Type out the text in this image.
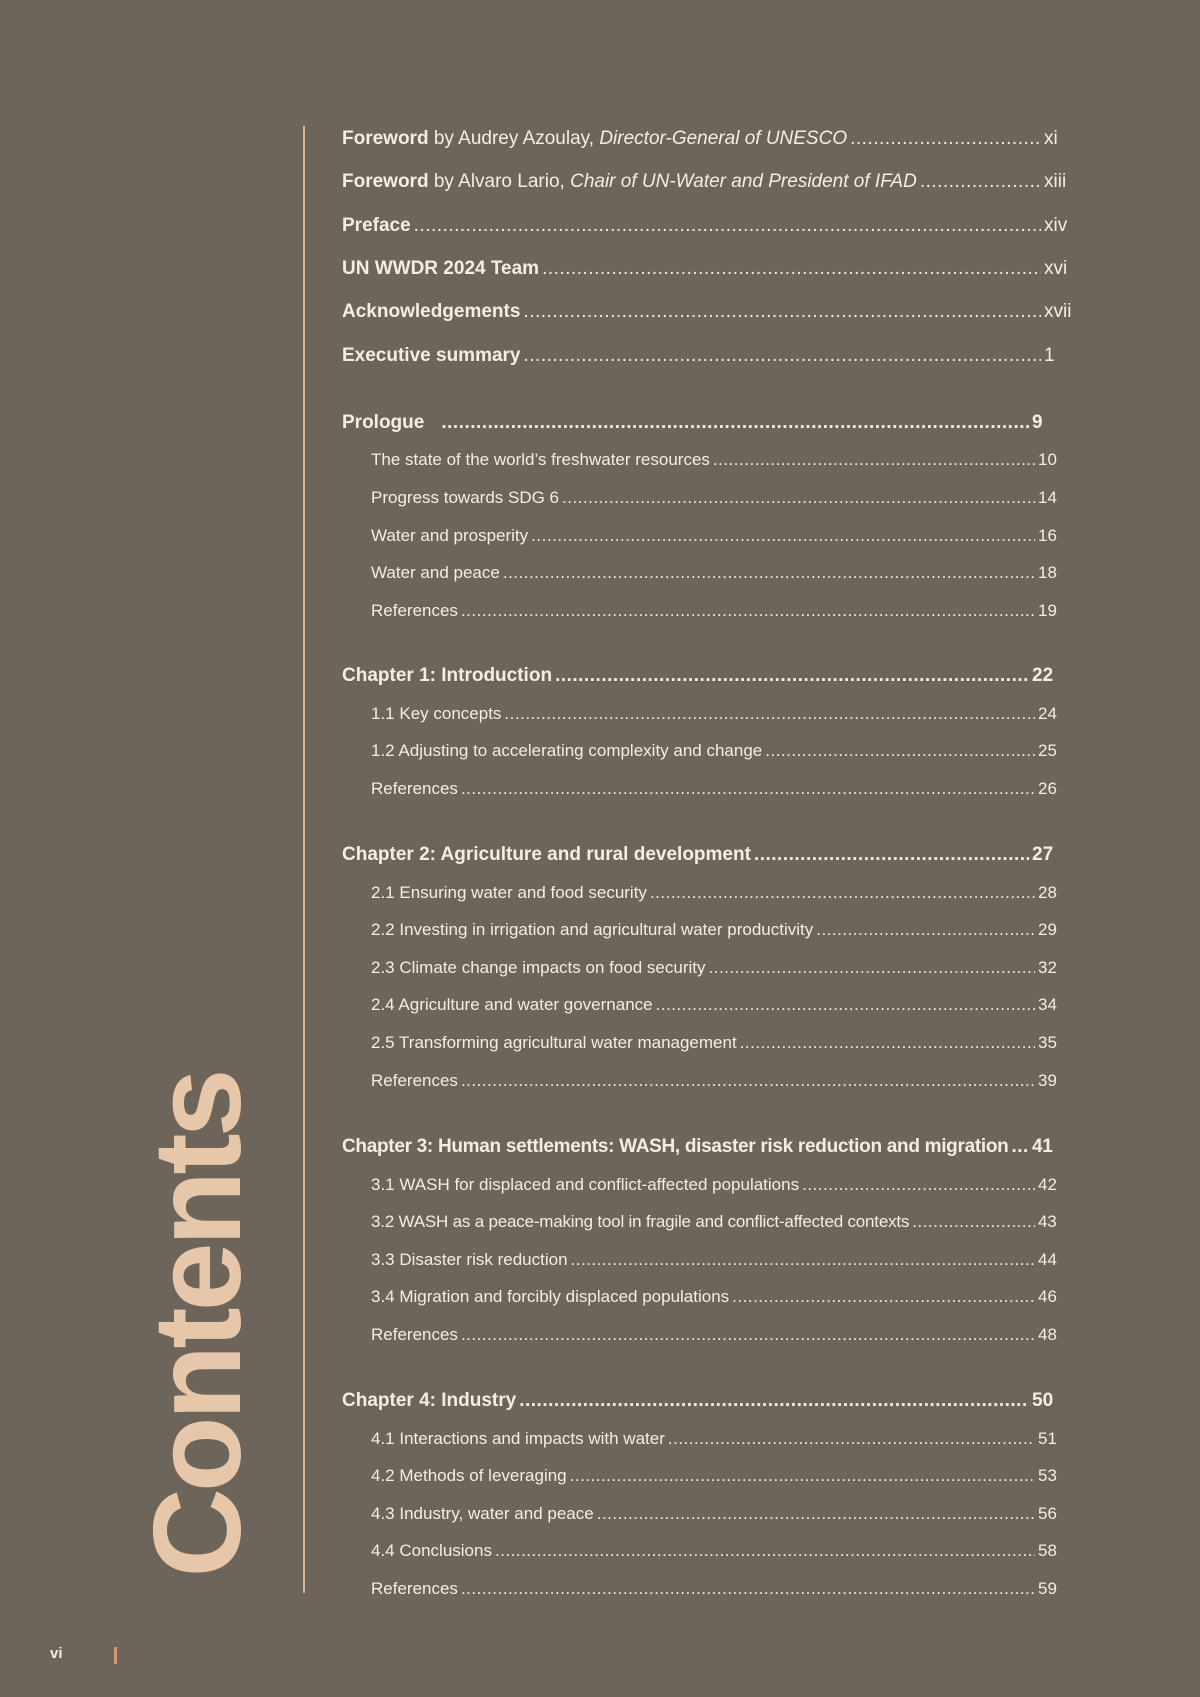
Contents
Foreword by Audrey Azoulay, Director-General of UNESCO .....	xi
Foreword by Alvaro Lario, Chair of UN-Water and President of IFAD .....	xiii
Preface .....	xiv
UN WWDR 2024 Team .....	xvi
Acknowledgements .....	xvii
Executive summary .....	1
Prologue .....	9
The state of the world’s freshwater resources .....	10
Progress towards SDG 6 .....	14
Water and prosperity .....	16
Water and peace .....	18
References .....	19
Chapter 1: Introduction .....	22
1.1 Key concepts .....	24
1.2 Adjusting to accelerating complexity and change .....	25
References .....	26
Chapter 2: Agriculture and rural development .....	27
2.1 Ensuring water and food security .....	28
2.2 Investing in irrigation and agricultural water productivity .....	29
2.3 Climate change impacts on food security .....	32
2.4 Agriculture and water governance .....	34
2.5 Transforming agricultural water management .....	35
References .....	39
Chapter 3: Human settlements: WASH, disaster risk reduction and migration ..... 41
3.1 WASH for displaced and conflict-affected populations .....	42
3.2 WASH as a peace-making tool in fragile and conflict-affected contexts .....	43
3.3 Disaster risk reduction .....	44
3.4 Migration and forcibly displaced populations .....	46
References .....	48
Chapter 4: Industry .....	50
4.1 Interactions and impacts with water .....	51
4.2 Methods of leveraging .....	53
4.3 Industry, water and peace .....	56
4.4 Conclusions .....	58
References .....	59
vi
